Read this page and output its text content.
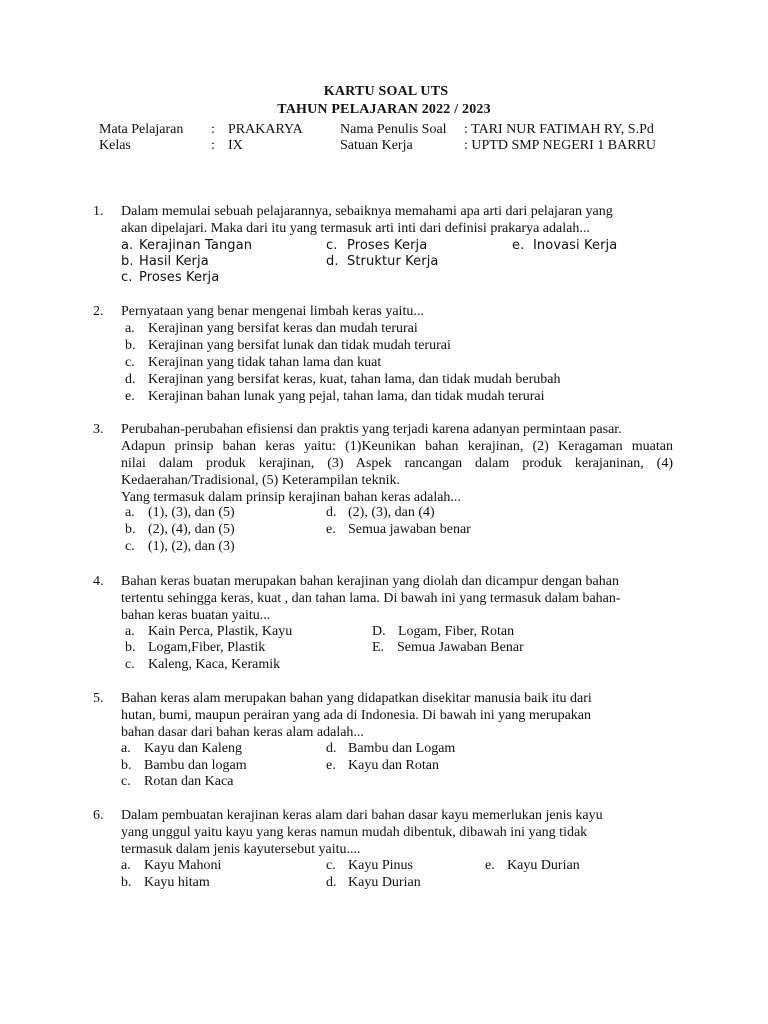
KARTU SOAL UTS
TAHUN PELAJARAN 2022 / 2023
Mata Pelajaran : PRAKARYA	Nama Penulis Soal : TARI NUR FATIMAH RY, S.Pd
Kelas	: IX	Satuan Kerja	: UPTD SMP NEGERI 1 BARRU
1. Dalam memulai sebuah pelajarannya, sebaiknya memahami apa arti dari pelajaran yang
akan dipelajari. Maka dari itu yang termasuk arti inti dari definisi prakarya adalah...
a. Kerajinan Tangan	c. Proses Kerja	e. Inovasi Kerja
b. Hasil Kerja	d. Struktur Kerja
c. Proses Kerja
2. Pernyataan yang benar mengenai limbah keras yaitu...
a. Kerajinan yang bersifat keras dan mudah terurai
b. Kerajinan yang bersifat lunak dan tidak mudah terurai
c. Kerajinan yang tidak tahan lama dan kuat
d. Kerajinan yang bersifat keras, kuat, tahan lama, dan tidak mudah berubah
e. Kerajinan bahan lunak yang pejal, tahan lama, dan tidak mudah terurai
3. Perubahan-perubahan efisiensi dan praktis yang terjadi karena adanyan permintaan pasar.
Adapun prinsip bahan keras yaitu: (1)Keunikan bahan kerajinan, (2) Keragaman muatan
nilai dalam produk kerajinan, (3) Aspek rancangan dalam produk kerajaninan, (4)
Kedaerahan/Tradisional, (5) Keterampilan teknik.
Yang termasuk dalam prinsip kerajinan bahan keras adalah...
a. (1), (3), dan (5)	d. (2), (3), dan (4)
b. (2), (4), dan (5)	e. Semua jawaban benar
c. (1), (2), dan (3)
4. Bahan keras buatan merupakan bahan kerajinan yang diolah dan dicampur dengan bahan
tertentu sehingga keras, kuat , dan tahan lama. Di bawah ini yang termasuk dalam bahan-
bahan keras buatan yaitu...
a. Kain Perca, Plastik, Kayu	D. Logam, Fiber, Rotan
b. Logam,Fiber, Plastik	E. Semua Jawaban Benar
c. Kaleng, Kaca, Keramik
5. Bahan keras alam merupakan bahan yang didapatkan disekitar manusia baik itu dari
hutan, bumi, maupun perairan yang ada di Indonesia. Di bawah ini yang merupakan
bahan dasar dari bahan keras alam adalah...
a. Kayu dan Kaleng	d. Bambu dan Logam
b. Bambu dan logam	e. Kayu dan Rotan
c. Rotan dan Kaca
6. Dalam pembuatan kerajinan keras alam dari bahan dasar kayu memerlukan jenis kayu
yang unggul yaitu kayu yang keras namun mudah dibentuk, dibawah ini yang tidak
termasuk dalam jenis kayutersebut yaitu....
a. Kayu Mahoni	c. Kayu Pinus	e. Kayu Durian
b. Kayu hitam	d. Kayu Durian
